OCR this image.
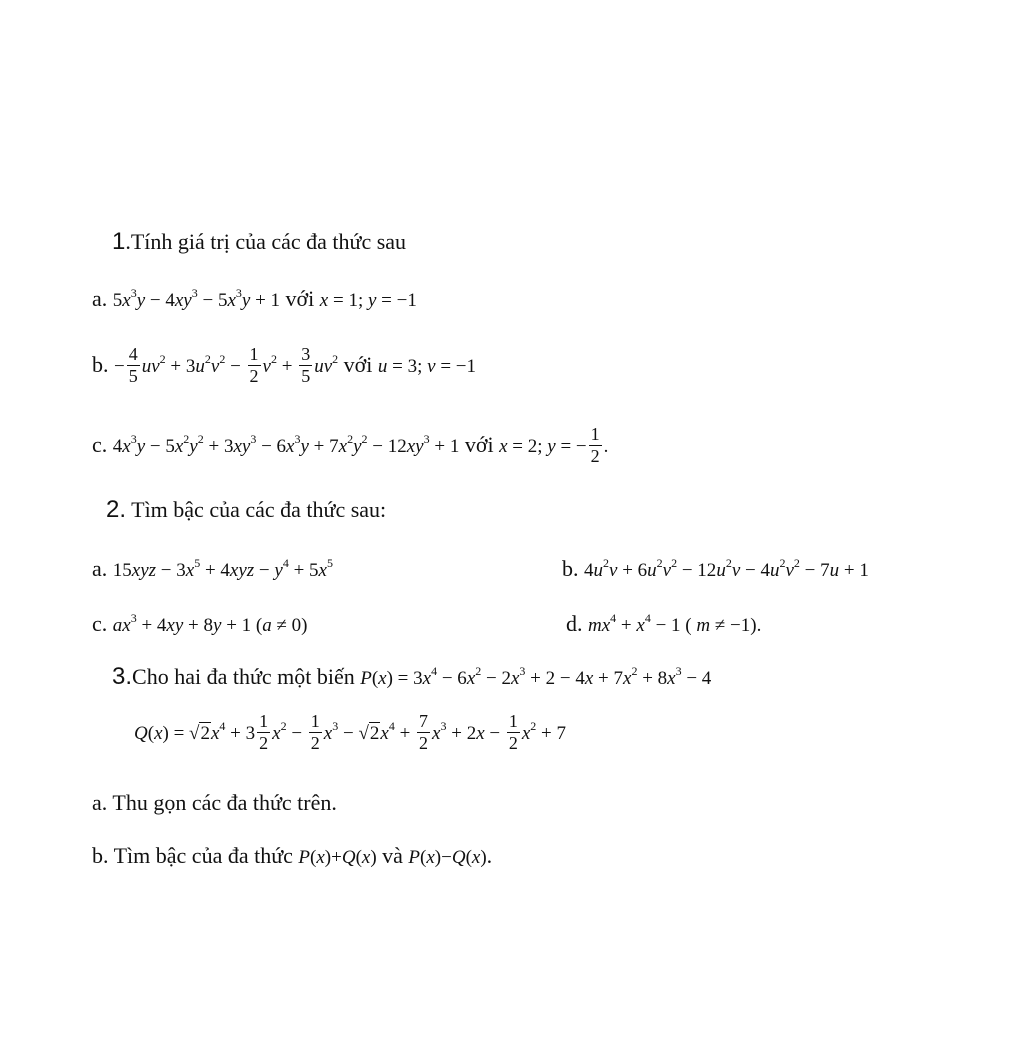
1.Tính giá trị của các đa thức sau
a. $5x^3y - 4xy^3 - 5x^3y + 1$ với x = 1; y = −1
b. − $\frac{4}{5} uv^2 + 3u^2v^2 - \frac{1}{2} v^2 + \frac{3}{5} uv^2$ với u = 3; v = −1
c. $4x^3y - 5x^2y^2 + 3xy^3 - 6x^3y + 7x^2y^2 - 12xy^3 + 1$ với x = 2; y = − $\frac{1}{2}$ .
2. Tìm bậc của các đa thức sau:
a. $15xyz - 3x^5 + 4xyz - y^4 + 5x^5$	b. $4u^2v + 6u^2v^2 - 12u^2v - 4u^2v^2 - 7u + 1$
c. $ax^3 + 4xy + 8y + 1$ (a ≠ 0)	d. $mx^4 + x^4 - 1$ ( m ≠ −1).
3.Cho hai đa thức một biến $P(x) = 3x^4 - 6x^2 - 2x^3 + 2 - 4x + 7x^2 + 8x^3 - 4$
$Q(x) = √2x^4 + 3 \frac{1}{2} x^2 - \frac{1}{2} x^3 - √2x^4 + \frac{7}{2} x^3 + 2x - \frac{1}{2} x^2 + 7$
a. Thu gọn các đa thức trên.
b. Tìm bậc của đa thức P(x)+Q(x) và P(x)−Q(x).
